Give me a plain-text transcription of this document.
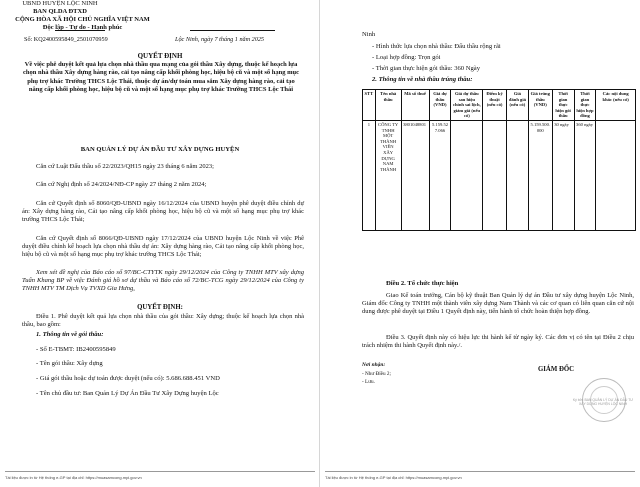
UBND HUYỆN LỘC NINH
BAN QLDA ĐTXD
Số: KQ2400595849_2501070959
CỘNG HÒA XÃ HỘI CHỦ NGHĨA VIỆT NAM
Độc lập - Tự do - Hạnh phúc
Lộc Ninh, ngày 7 tháng 1 năm 2025
QUYẾT ĐỊNH
Về việc phê duyệt kết quả lựa chọn nhà thầu qua mạng của gói thầu Xây dựng, thuộc kế hoạch lựa chọn nhà thầu Xây dựng hàng rào, cải tạo nâng cấp khối phòng học, hiệu bộ cũ và một số hạng mục phụ trợ khác Trường THCS Lộc Thái, thuộc dự án/dự toán mua sắm Xây dựng hàng rào, cải tạo nâng cấp khối phòng học, hiệu bộ cũ và một số hạng mục phụ trợ khác Trường THCS Lộc Thái
BAN QUẢN LÝ DỰ ÁN ĐẦU TƯ XÂY DỰNG HUYỆN
Căn cứ Luật Đấu thầu số 22/2023/QH15 ngày 23 tháng 6 năm 2023;
Căn cứ Nghị định số 24/2024/NĐ-CP ngày 27 tháng 2 năm 2024;
Căn cứ Quyết định số 8060/QĐ-UBND ngày 16/12/2024 của UBND huyện phê duyệt điều chỉnh dự án: Xây dựng hàng rào, Cải tạo nâng cấp khối phòng học, hiệu bộ cũ và một số hạng mục phụ trợ khác trường THCS Lộc Thái;
Căn cứ Quyết định số 8066/QĐ-UBND ngày 17/12/2024 của UBND huyện Lộc Ninh về việc Phê duyệt điều chỉnh kế hoạch lựa chọn nhà thầu dự án: Xây dựng hàng rào, Cải tạo nâng cấp khối phòng học, hiệu bộ cũ và một số hạng mục phụ trợ khác trường THCS Lộc Thái;
Xem xét đề nghị của Báo cáo số 97/BC-CTYTK ngày 29/12/2024 của Công ty TNHH MTV xây dựng Tuấn Khang BP về việc Đánh giá hồ sơ dự thầu và Báo cáo số 72/BC-TCG ngày 29/12/2024 của Công ty TNHH MTV TM Dịch Vụ TVXD Gia Hưng,
QUYẾT ĐỊNH:
Điều 1. Phê duyệt kết quả lựa chọn nhà thầu của gói thầu: Xây dựng; thuộc kế hoạch lựa chọn nhà thầu, bao gồm:
1. Thông tin về gói thầu:
- Số E-TBMT: IB2400595849
- Tên gói thầu: Xây dựng
- Giá gói thầu hoặc dự toán được duyệt (nếu có): 5.686.688.451 VND
- Tên chủ đầu tư: Ban Quản Lý Dự Án Đầu Tư Xây Dựng huyện Lộc
Tài liệu được in từ Hệ thống e-GP tại địa chỉ: https://muasamcong.mpi.gov.vn
Ninh
- Hình thức lựa chọn nhà thầu: Đấu thầu rộng rãi
- Loại hợp đồng: Trọn gói
- Thời gian thực hiện gói thầu: 360 Ngày
2. Thông tin về nhà thầu trúng thầu:
STT	Tên nhà thầu	Mã số thuế	Giá dự thầu (VND)	Giá dự thầu sau hiệu chỉnh sai lệch, giảm giá (nếu có)	Điểm kỹ thuật (nếu có)	Giá đánh giá (nếu có)	Giá trúng thầu (VND)	Thời gian thực hiện gói thầu	Thời gian thực hiện hợp đồng	Các nội dung khác (nếu có)
1	CÔNG TY TNHH MỘT THÀNH VIÊN XÂY DỰNG NAM THÀNH	3801048801	5.159.527.066				5.159.500.000	30 ngày	360 ngày	
Điều 2. Tổ chức thực hiện
Giao Kế toán trưởng, Cán bộ kỹ thuật Ban Quản lý dự án Đầu tư xây dựng huyện Lộc Ninh, Giám đốc Công ty TNHH một thành viên xây dựng Nam Thành và các cơ quan có liên quan căn cứ nội dung được phê duyệt tại Điều 1 Quyết định này, tiến hành tổ chức hoàn thiện hợp đồng.
Điều 3. Quyết định này có hiệu lực thi hành kể từ ngày ký. Các đơn vị có tên tại Điều 2 chịu trách nhiệm thi hành Quyết định này./.
Nơi nhận:
- Như Điều 2;
- Lưu.
GIÁM ĐỐC
Ký bởi: BAN QUẢN LÝ DỰ ÁN ĐẦU TƯ XÂY DỰNG HUYỆN LỘC NINH
Tài liệu được in từ Hệ thống e-GP tại địa chỉ: https://muasamcong.mpi.gov.vn
